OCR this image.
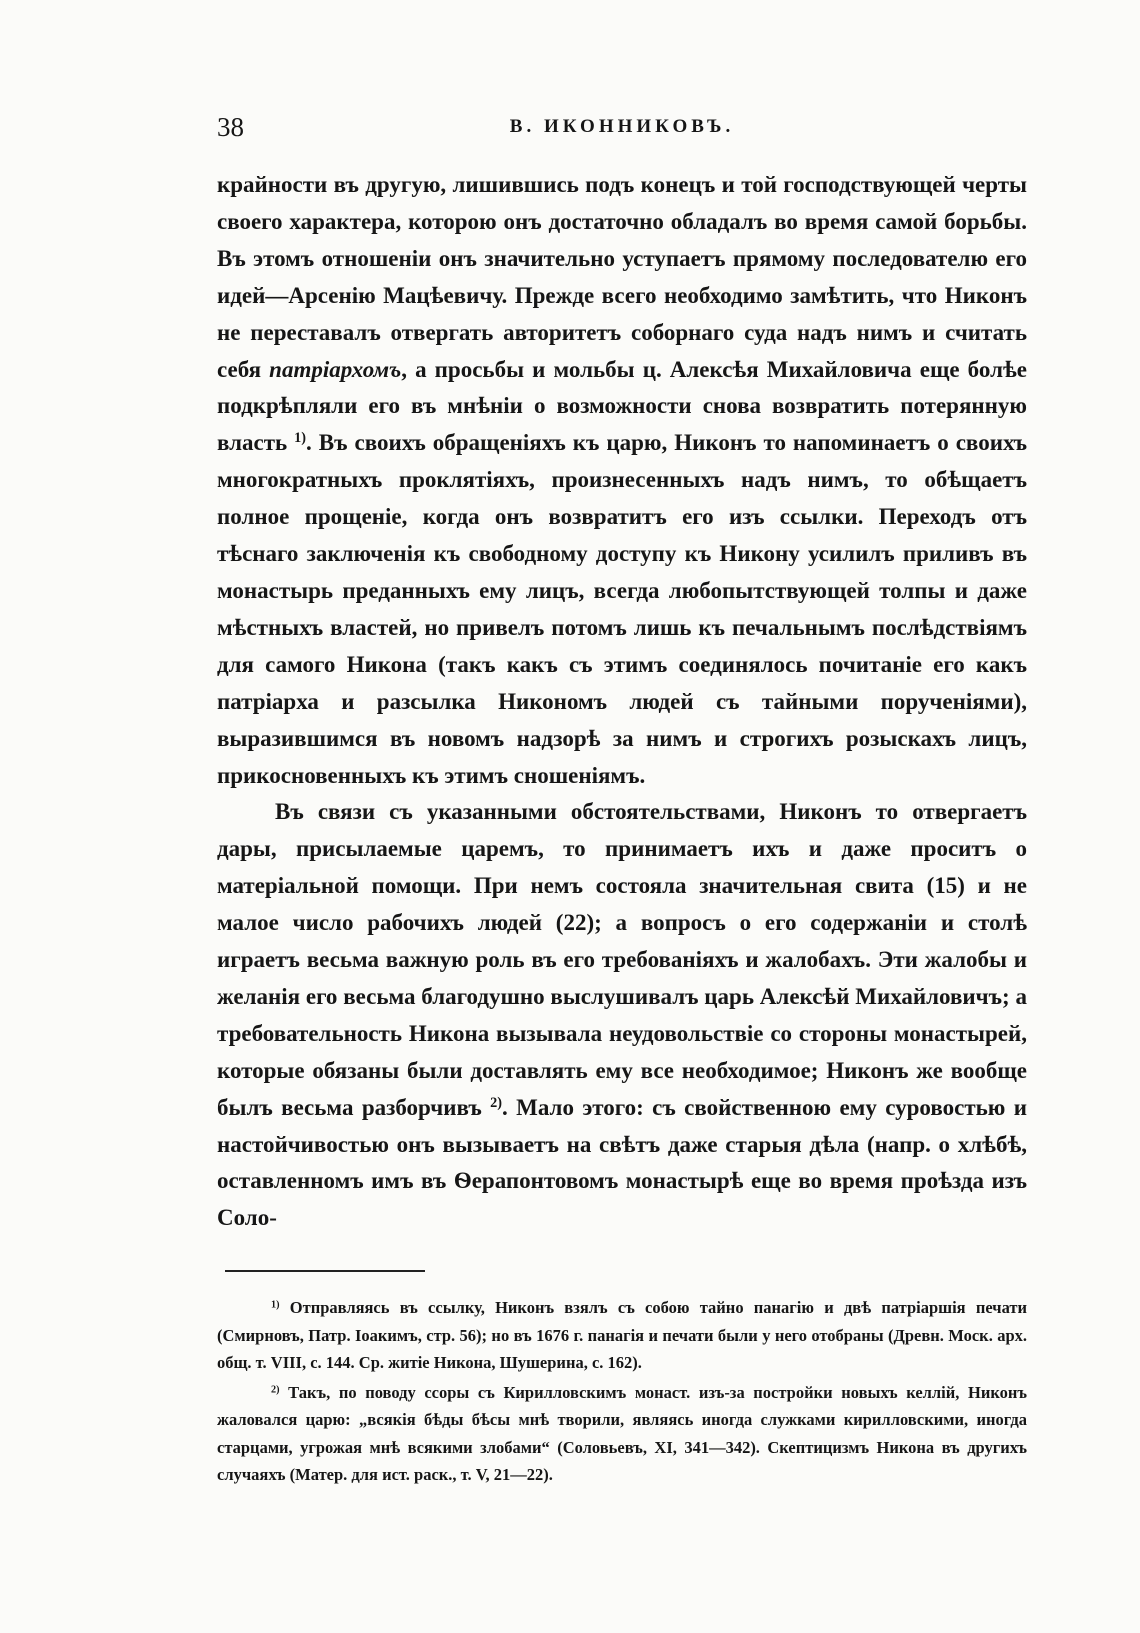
38	В. ИКОННИКОВЪ.

крайности въ другую, лишившись подъ конецъ и той господствующей черты своего характера, которою онъ достаточно обладалъ во время самой борьбы. Въ этомъ отношеніи онъ значительно уступаетъ прямому последователю его идей—Арсенію Мацѣевичу. Прежде всего необходимо замѣтить, что Никонъ не переставалъ отвергать авторитетъ соборнаго суда надъ нимъ и считать себя патріархомъ, а просьбы и мольбы ц. Алексѣя Михайловича еще болѣе подкрѣпляли его въ мнѣніи о возможности снова возвратить потерянную власть $^{1)}$. Въ своихъ обращеніяхъ къ царю, Никонъ то напоминаетъ о своихъ многократныхъ проклятіяхъ, произнесенныхъ надъ нимъ, то обѣщаетъ полное прощеніе, когда онъ возвратитъ его изъ ссылки. Переходъ отъ тѣснаго заключенія къ свободному доступу къ Никону усилилъ приливъ въ монастырь преданныхъ ему лицъ, всегда любопытствующей толпы и даже мѣстныхъ властей, но привелъ потомъ лишь къ печальнымъ послѣдствіямъ для самого Никона (такъ какъ съ этимъ соединялось почитаніе его какъ патріарха и разсылка Никономъ людей съ тайными порученіями), выразившимся въ новомъ надзорѣ за нимъ и строгихъ розыскахъ лицъ, прикосновенныхъ къ этимъ сношеніямъ.

Въ связи съ указанными обстоятельствами, Никонъ то отвергаетъ дары, присылаемые царемъ, то принимаетъ ихъ и даже проситъ о матеріальной помощи. При немъ состояла значительная свита (15) и не малое число рабочихъ людей (22); а вопросъ о его содержаніи и столѣ играетъ весьма важную роль въ его требованіяхъ и жалобахъ. Эти жалобы и желанія его весьма благодушно выслушивалъ царь Алексѣй Михайловичъ; а требовательность Никона вызывала неудовольствіе со стороны монастырей, которые обязаны были доставлять ему все необходимое; Никонъ же вообще былъ весьма разборчивъ $^{2)}$. Мало этого: съ свойственною ему суровостью и настойчивостью онъ вызываетъ на свѣтъ даже старыя дѣла (напр. о хлѣбѣ, оставленномъ имъ въ Ѳерапонтовомъ монастырѣ еще во время проѣзда изъ Соло-

$^{1)}$ Отправляясь въ ссылку, Никонъ взялъ съ собою тайно панагію и двѣ патріаршія печати (Смирновъ, Патр. Іоакимъ, стр. 56); но въ 1676 г. панагія и печати были у него отобраны (Древн. Моск. арх. общ. т. VIII, с. 144. Ср. житіе Никона, Шушерина, с. 162).

$^{2)}$ Такъ, по поводу ссоры съ Кирилловскимъ монаст. изъ-за постройки новыхъ келлій, Никонъ жаловался царю: „всякія бѣды бѣсы мнѣ творили, являясь иногда служками кирилловскими, иногда старцами, угрожая мнѣ всякими злобами“ (Соловьевъ, XI, 341—342). Скептицизмъ Никона въ другихъ случаяхъ (Матер. для ист. раск., т. V, 21—22).
